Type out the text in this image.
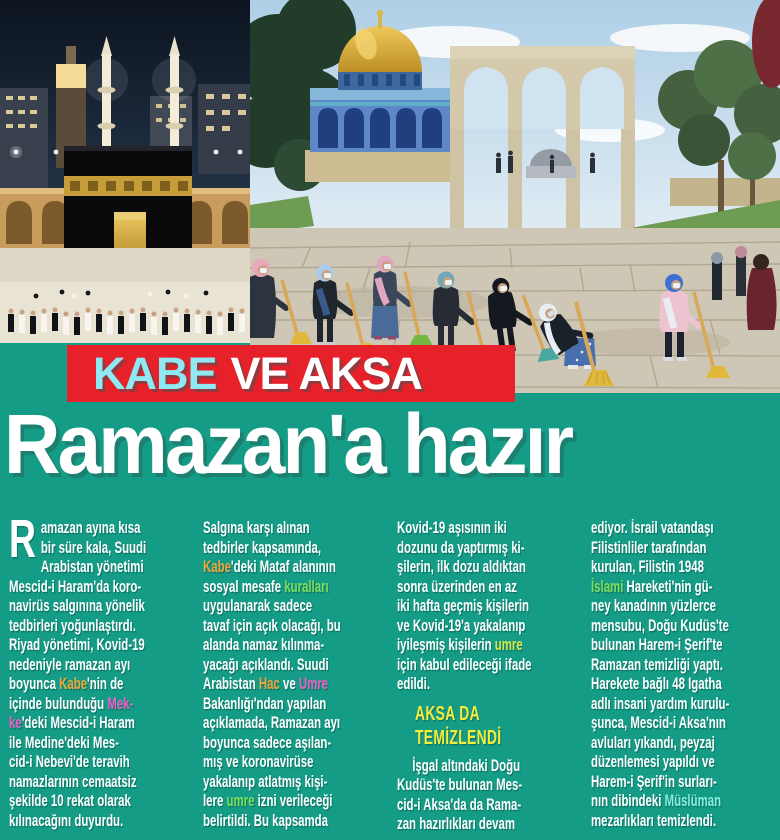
KABE VE AKSA
Ramazan'a hazır
R amazan ayına kısa
bir süre kala, Suudi
Arabistan yönetimi
Mescid-i Haram'da koro-
navirüs salgınına yönelik
tedbirleri yoğunlaştırdı.
Riyad yönetimi, Kovid-19
nedeniyle ramazan ayı
boyunca Kabe'nin de
içinde bulunduğu Mek-
ke'deki Mescid-i Haram
ile Medine'deki Mes-
cid-i Nebevi'de teravih
namazlarının cemaatsiz
şekilde 10 rekat olarak
kılınacağını duyurdu.
Salgına karşı alınan
tedbirler kapsamında,
Kabe'deki Mataf alanının
sosyal mesafe kuralları
uygulanarak sadece
tavaf için açık olacağı, bu
alanda namaz kılınma-
yacağı açıklandı. Suudi
Arabistan Hac ve Umre
Bakanlığı'ndan yapılan
açıklamada, Ramazan ayı
boyunca sadece aşılan-
mış ve koronavirüse
yakalanıp atlatmış kişi-
lere umre izni verileceği
belirtildi. Bu kapsamda
Kovid-19 aşısının iki
dozunu da yaptırmış ki-
şilerin, ilk dozu aldıktan
sonra üzerinden en az
iki hafta geçmiş kişilerin
ve Kovid-19'a yakalanıp
iyileşmiş kişilerin umre
için kabul edileceği ifade
edildi.

AKSA DA
TEMİZLENDİ

İşgal altındaki Doğu
Kudüs'te bulunan Mes-
cid-i Aksa'da da Rama-
zan hazırlıkları devam
ediyor. İsrail vatandaşı
Filistinliler tarafından
kurulan, Filistin 1948
İslami Hareketi'nin gü-
ney kanadının yüzlerce
mensubu, Doğu Kudüs'te
bulunan Harem-i Şerif'te
Ramazan temizliği yaptı.
Harekete bağlı 48 Igatha
adlı insani yardım kurulu-
şunca, Mescid-i Aksa'nın
avluları yıkandı, peyzaj
düzenlemesi yapıldı ve
Harem-i Şerif'in surları-
nın dibindeki Müslüman
mezarlıkları temizlendi.
